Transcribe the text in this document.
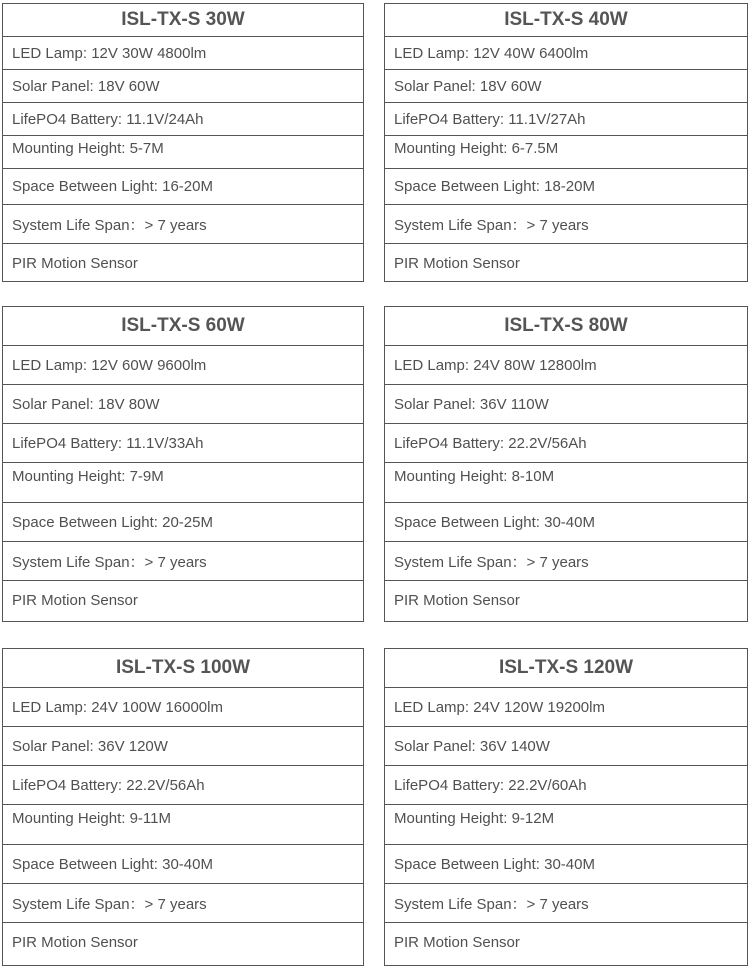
ISL-TX-S 30W
LED Lamp: 12V 30W 4800lm
Solar Panel: 18V 60W
LifePO4 Battery: 11.1V/24Ah
Mounting Height: 5-7M
Space Between Light: 16-20M
System Life Span：> 7 years
PIR Motion Sensor
ISL-TX-S 40W
LED Lamp: 12V 40W 6400lm
Solar Panel: 18V 60W
LifePO4 Battery: 11.1V/27Ah
Mounting Height: 6-7.5M
Space Between Light: 18-20M
System Life Span：> 7 years
PIR Motion Sensor
ISL-TX-S 60W
LED Lamp: 12V 60W 9600lm
Solar Panel: 18V 80W
LifePO4 Battery: 11.1V/33Ah
Mounting Height: 7-9M
Space Between Light: 20-25M
System Life Span：> 7 years
PIR Motion Sensor
ISL-TX-S 80W
LED Lamp: 24V 80W 12800lm
Solar Panel: 36V 110W
LifePO4 Battery: 22.2V/56Ah
Mounting Height: 8-10M
Space Between Light: 30-40M
System Life Span：> 7 years
PIR Motion Sensor
ISL-TX-S 100W
LED Lamp: 24V 100W 16000lm
Solar Panel: 36V 120W
LifePO4 Battery: 22.2V/56Ah
Mounting Height: 9-11M
Space Between Light: 30-40M
System Life Span：> 7 years
PIR Motion Sensor
ISL-TX-S 120W
LED Lamp: 24V 120W 19200lm
Solar Panel: 36V 140W
LifePO4 Battery: 22.2V/60Ah
Mounting Height: 9-12M
Space Between Light: 30-40M
System Life Span：> 7 years
PIR Motion Sensor
